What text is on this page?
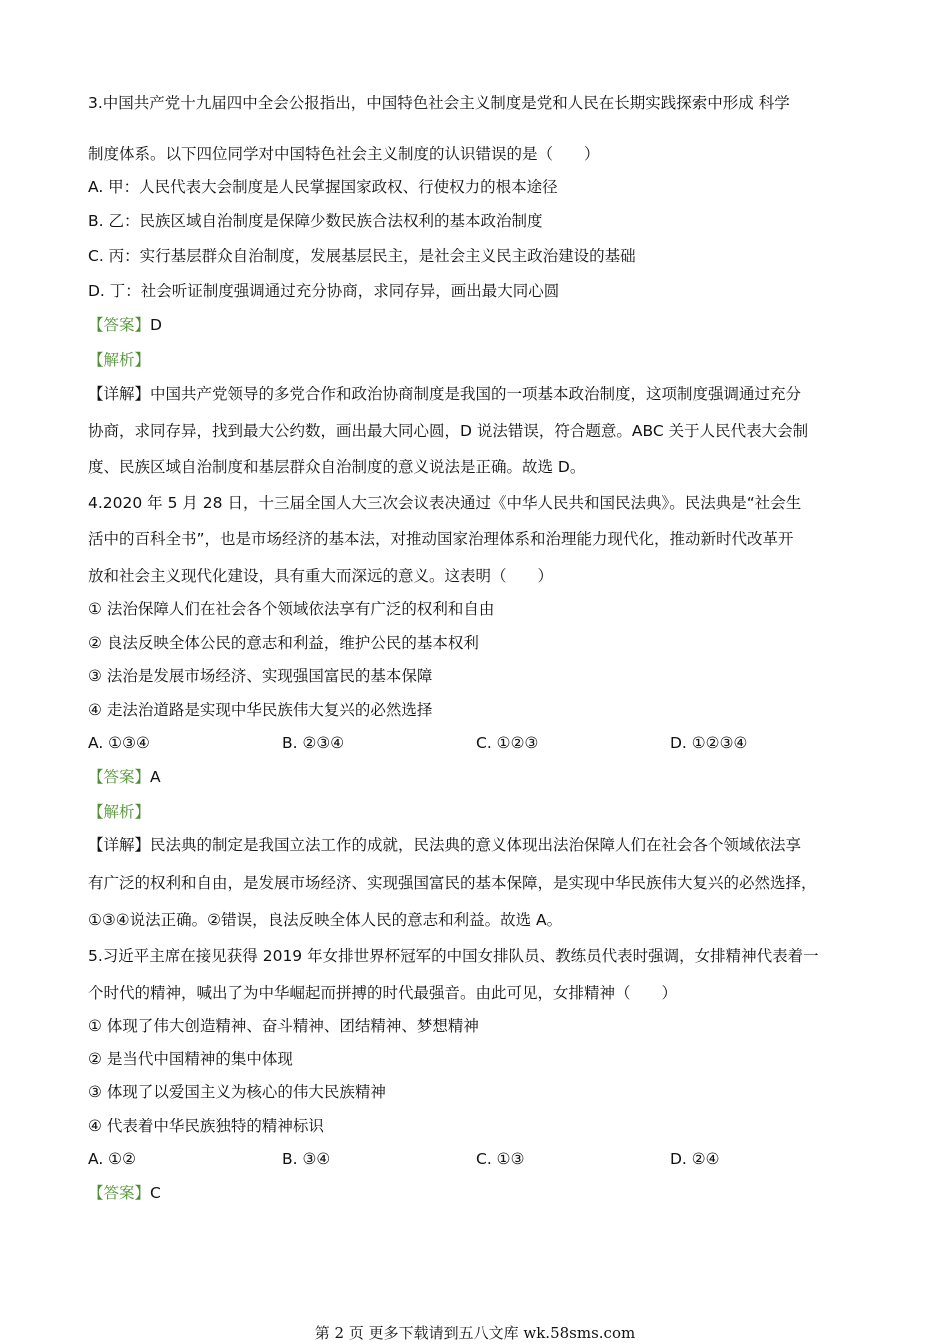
3.中国共产党十九届四中全会公报指出，中国特色社会主义制度是党和人民在长期实践探索中形成 科学
制度体系。以下四位同学对中国特色社会主义制度的认识错误的是（　　）
A. 甲：人民代表大会制度是人民掌握国家政权、行使权力的根本途径
B. 乙：民族区域自治制度是保障少数民族合法权利的基本政治制度
C. 丙：实行基层群众自治制度，发展基层民主，是社会主义民主政治建设的基础
D. 丁：社会听证制度强调通过充分协商，求同存异，画出最大同心圆
【答案】D
【解析】
【详解】中国共产党领导的多党合作和政治协商制度是我国的一项基本政治制度，这项制度强调通过充分
协商，求同存异，找到最大公约数，画出最大同心圆，D 说法错误，符合题意。ABC 关于人民代表大会制
度、民族区域自治制度和基层群众自治制度的意义说法是正确。故选 D。
4.2020 年 5 月 28 日，十三届全国人大三次会议表决通过《中华人民共和国民法典》。民法典是“社会生
活中的百科全书”，也是市场经济的基本法，对推动国家治理体系和治理能力现代化，推动新时代改革开
放和社会主义现代化建设，具有重大而深远的意义。这表明（　　）
① 法治保障人们在社会各个领域依法享有广泛的权利和自由
② 良法反映全体公民的意志和利益，维护公民的基本权利
③ 法治是发展市场经济、实现强国富民的基本保障
④ 走法治道路是实现中华民族伟大复兴的必然选择
A. ①③④	B. ②③④	C. ①②③	D. ①②③④
【答案】A
【解析】
【详解】民法典的制定是我国立法工作的成就，民法典的意义体现出法治保障人们在社会各个领域依法享
有广泛的权利和自由，是发展市场经济、实现强国富民的基本保障，是实现中华民族伟大复兴的必然选择，
①③④说法正确。②错误，良法反映全体人民的意志和利益。故选 A。
5.习近平主席在接见获得 2019 年女排世界杯冠军的中国女排队员、教练员代表时强调，女排精神代表着一
个时代的精神，喊出了为中华崛起而拼搏的时代最强音。由此可见，女排精神（　　）
① 体现了伟大创造精神、奋斗精神、团结精神、梦想精神
② 是当代中国精神的集中体现
③ 体现了以爱国主义为核心的伟大民族精神
④ 代表着中华民族独特的精神标识
A. ①②	B. ③④	C. ①③	D. ②④
【答案】C
第 2 页 更多下载请到五八文库 wk.58sms.com
